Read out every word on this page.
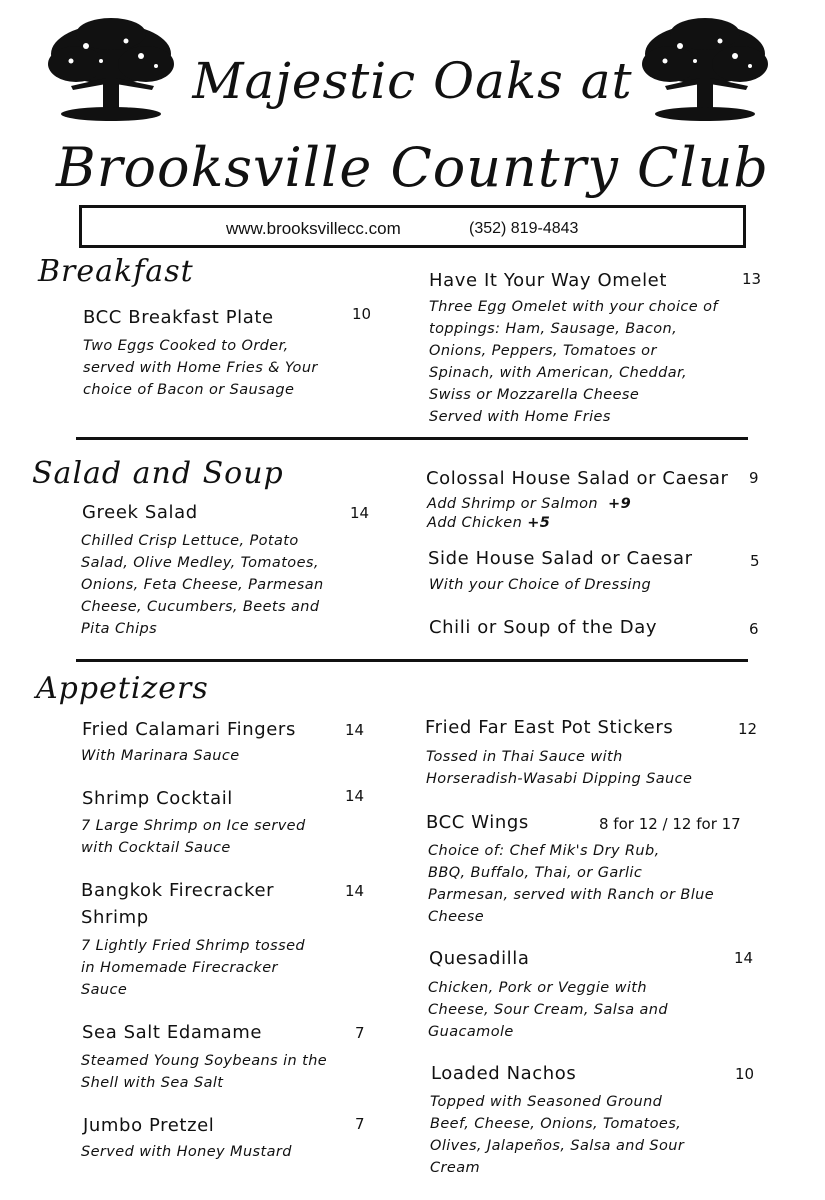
Majestic Oaks at
Brooksville Country Club
www.brooksvillecc.com	(352) 819-4843
Breakfast
BCC Breakfast Plate	10
Two Eggs Cooked to Order,
served with Home Fries & Your
choice of Bacon or Sausage
Have It Your Way Omelet	13
Three Egg Omelet with your choice of
toppings: Ham, Sausage, Bacon,
Onions, Peppers, Tomatoes or
Spinach, with American, Cheddar,
Swiss or Mozzarella Cheese
Served with Home Fries
Salad and Soup
Greek Salad	14
Chilled Crisp Lettuce, Potato
Salad, Olive Medley, Tomatoes,
Onions, Feta Cheese, Parmesan
Cheese, Cucumbers, Beets and
Pita Chips
Colossal House Salad or Caesar 9
Add Shrimp or Salmon +9
Add Chicken +5
Side House Salad or Caesar	5
With your Choice of Dressing
Chili or Soup of the Day	6
Appetizers
Fried Calamari Fingers	14
With Marinara Sauce
Shrimp Cocktail	14
7 Large Shrimp on Ice served
with Cocktail Sauce
Bangkok Firecracker
Shrimp
14
7 Lightly Fried Shrimp tossed
in Homemade Firecracker
Sauce
Sea Salt Edamame	7
Steamed Young Soybeans in the
Shell with Sea Salt
Jumbo Pretzel	7
Served with Honey Mustard
Fried Far East Pot Stickers	12
Tossed in Thai Sauce with
Horseradish-Wasabi Dipping Sauce
BCC Wings	8 for 12 / 12 for 17
Choice of: Chef Mik's Dry Rub,
BBQ, Buffalo, Thai, or Garlic
Parmesan, served with Ranch or Blue
Cheese
Quesadilla	14
Chicken, Pork or Veggie with
Cheese, Sour Cream, Salsa and
Guacamole
Loaded Nachos	10
Topped with Seasoned Ground
Beef, Cheese, Onions, Tomatoes,
Olives, Jalapeños, Salsa and Sour
Cream
